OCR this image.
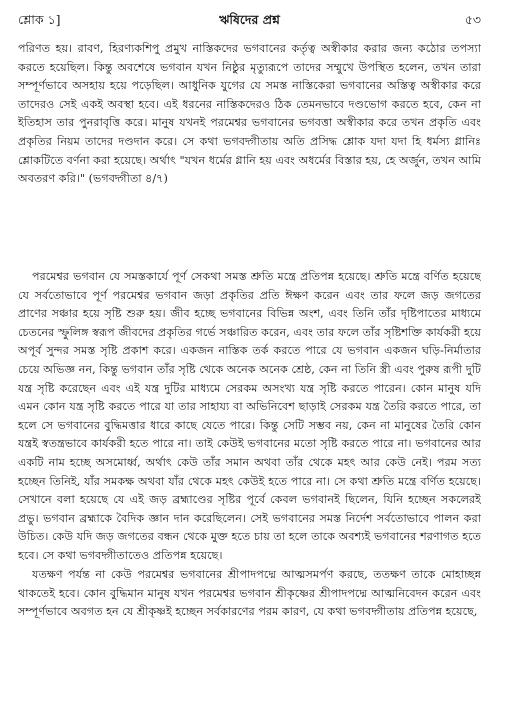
শ্লোক ১]	ঋষিদের প্রশ্ন	৫৩

পরিণত হয়। রাবণ, হিরণ্যকশিপু প্রমুখ নাস্তিকদের ভগবানের কর্তৃত্ব অস্বীকার করার জন্য কঠোর তপস্যা করতে হয়েছিল। কিন্তু অবশেষে ভগবান যখন নিষ্ঠুর মৃত্যুরূপে তাদের সম্মুখে উপস্থিত হলেন, তখন তারা সম্পূর্ণভাবে অসহায় হয়ে পড়েছিল। আধুনিক যুগের যে সমস্ত নাস্তিকেরা ভগবানের অস্তিত্ব অস্বীকার করে তাদেরও সেই একই অবস্থা হবে। এই ধরনের নাস্তিকদেরও ঠিক তেমনভাবে দণ্ডভোগ করতে হবে, কেন না ইতিহাস তার পুনরাবৃত্তি করে। মানুষ যখনই পরমেশ্বর ভগবানের ভগবত্তা অস্বীকার করে তখন প্রকৃতি এবং প্রকৃতির নিয়ম তাদের দণ্ডদান করে। সে কথা ভগবদ্গীতায় অতি প্রসিদ্ধ শ্লোক যদা যদা হি ধর্মস্য গ্লানিঃ শ্লোকটিতে বর্ণনা করা হয়েছে। অর্থাৎ "যখন ধর্মের গ্লানি হয় এবং অধর্মের বিস্তার হয়, হে অর্জুন, তখন আমি অবতরণ করি।" (ভগবদ্গীতা ৪/৭)

পরমেশ্বর ভগবান যে সমস্তকার্যে পূর্ণ সেকথা সমস্ত শ্রুতি মন্ত্রে প্রতিপন্ন হয়েছে। শ্রুতি মন্ত্রে বর্ণিত হয়েছে যে সর্বতোভাবে পূর্ণ পরমেশ্বর ভগবান জড়া প্রকৃতির প্রতি ঈক্ষণ করেন এবং তার ফলে জড় জগতের প্রাণের সঞ্চার হয়ে সৃষ্টি শুরু হয়। জীব হচ্ছে ভগবানের বিভিন্ন অংশ, এবং তিনি তাঁর দৃষ্টিপাতের মাধ্যমে চেতনের স্ফুলিঙ্গ স্বরূপ জীবদের প্রকৃতির গর্ভে সঞ্চারিত করেন, এবং তার ফলে তাঁর সৃষ্টিশক্তি কার্যকরী হয়ে অপূর্ব সুন্দর সমস্ত সৃষ্টি প্রকাশ করে। একজন নাস্তিক তর্ক করতে পারে যে ভগবান একজন ঘড়ি-নির্মাতার চেয়ে অভিজ্ঞ নন, কিন্তু ভগবান তাঁর সৃষ্টি থেকে অনেক অনেক শ্রেষ্ঠ, কেন না তিনি স্ত্রী এবং পুরুষ রূপী দুটি যন্ত্র সৃষ্টি করেছেন এবং এই যন্ত্র দুটির মাধ্যমে সেরকম অসংখ্য যন্ত্র সৃষ্টি করতে পারেন। কোন মানুষ যদি এমন কোন যন্ত্র সৃষ্টি করতে পারে যা তার সাহায্য বা অভিনিবেশ ছাড়াই সেরকম যন্ত্র তৈরি করতে পারে, তা হলে সে ভগবানের বুদ্ধিমত্তার ধারে কাছে যেতে পারে। কিন্তু সেটি সম্ভব নয়, কেন না মানুষের তৈরি কোন যন্ত্রই স্বতন্ত্রভাবে কার্যকরী হতে পারে না। তাই কেউই ভগবানের মতো সৃষ্টি করতে পারে না। ভগবানের আর একটি নাম হচ্ছে অসমোর্ধ্ব, অর্থাৎ কেউ তাঁর সমান অথবা তাঁর থেকে মহৎ আর কেউ নেই। পরম সত্য হচ্ছেন তিনিই, যাঁর সমকক্ষ অথবা যাঁর থেকে মহৎ কেউই হতে পারে না। সে কথা শ্রুতি মন্ত্রে বর্ণিত হয়েছে। সেখানে বলা হয়েছে যে এই জড় ব্রহ্মাণ্ডের সৃষ্টির পূর্বে কেবল ভগবানই ছিলেন, যিনি হচ্ছেন সকলেরই প্রভু। ভগবান ব্রহ্মাকে বৈদিক জ্ঞান দান করেছিলেন। সেই ভগবানের সমস্ত নির্দেশ সর্বতোভাবে পালন করা উচিত। কেউ যদি জড় জগতের বন্ধন থেকে মুক্ত হতে চায় তা হলে তাকে অবশ্যই ভগবানের শরণাগত হতে হবে। সে কথা ভগবদ্গীতাতেও প্রতিপন্ন হয়েছে।

যতক্ষণ পর্যন্ত না কেউ পরমেশ্বর ভগবানের শ্রীপাদপদ্মে আত্মসমর্পণ করছে, ততক্ষণ তাকে মোহাচ্ছন্ন থাকতেই হবে। কোন বুদ্ধিমান মানুষ যখন পরমেশ্বর ভগবান শ্রীকৃষ্ণের শ্রীপাদপদ্মে আত্মনিবেদন করেন এবং সম্পূর্ণভাবে অবগত হন যে শ্রীকৃষ্ণই হচ্ছেন সর্বকারণের পরম কারণ, যে কথা ভগবদ্গীতায় প্রতিপন্ন হয়েছে,
